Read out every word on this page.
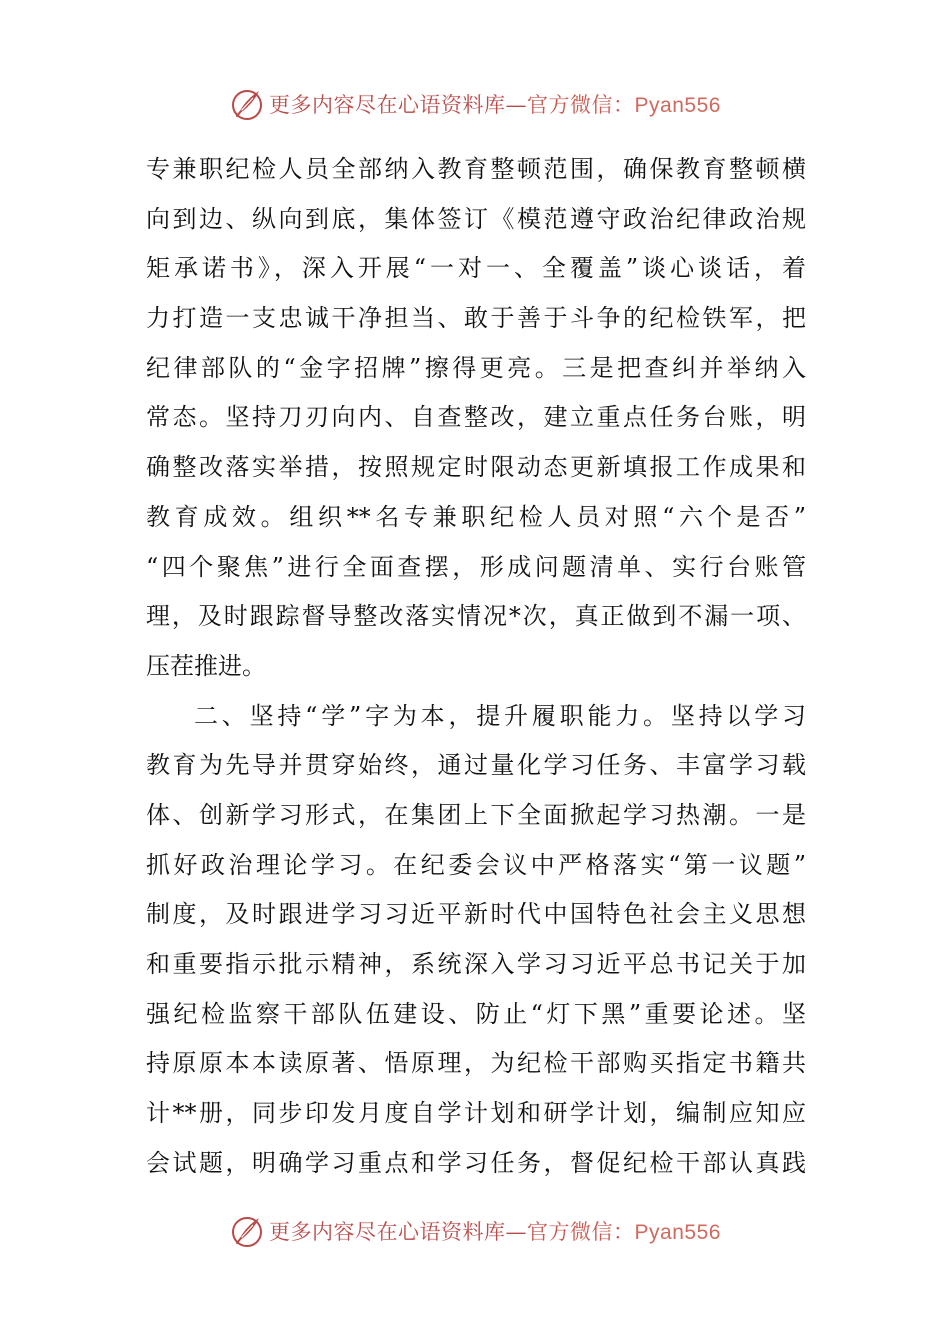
更多内容尽在心语资料库—官方微信：Pyan556
专兼职纪检人员全部纳入教育整顿范围，确保教育整顿横
向到边、纵向到底，集体签订《模范遵守政治纪律政治规
矩承诺书》，深入开展“一对一、全覆盖”谈心谈话，着
力打造一支忠诚干净担当、敢于善于斗争的纪检铁军，把
纪律部队的“金字招牌”擦得更亮。三是把查纠并举纳入
常态。坚持刀刃向内、自查整改，建立重点任务台账，明
确整改落实举措，按照规定时限动态更新填报工作成果和
教育成效。组织**名专兼职纪检人员对照“六个是否”
“四个聚焦”进行全面查摆，形成问题清单、实行台账管
理，及时跟踪督导整改落实情况*次，真正做到不漏一项、
压茬推进。
二、坚持“学”字为本，提升履职能力。坚持以学习
教育为先导并贯穿始终，通过量化学习任务、丰富学习载
体、创新学习形式，在集团上下全面掀起学习热潮。一是
抓好政治理论学习。在纪委会议中严格落实“第一议题”
制度，及时跟进学习习近平新时代中国特色社会主义思想
和重要指示批示精神，系统深入学习习近平总书记关于加
强纪检监察干部队伍建设、防止“灯下黑”重要论述。坚
持原原本本读原著、悟原理，为纪检干部购买指定书籍共
计**册，同步印发月度自学计划和研学计划，编制应知应
会试题，明确学习重点和学习任务，督促纪检干部认真践
更多内容尽在心语资料库—官方微信：Pyan556
